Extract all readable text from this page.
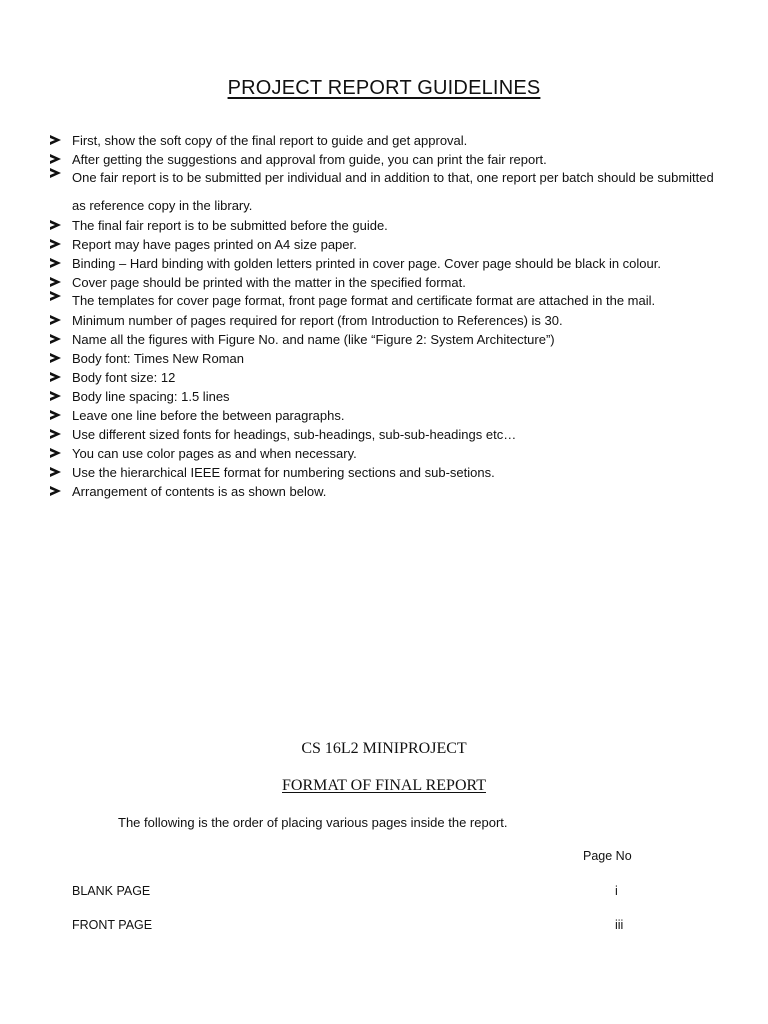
PROJECT REPORT GUIDELINES
First, show the soft copy of the final report to guide and get approval.
After getting the suggestions and approval from guide, you can print the fair report.
One fair report is to be submitted per individual and in addition to that, one report per batch should be submitted as reference copy in the library.
The final fair report is to be submitted before the guide.
Report may have pages printed on A4 size paper.
Binding – Hard binding with golden letters printed in cover page. Cover page should be black in colour.
Cover page should be printed with the matter in the specified format.
The templates for cover page format, front page format and certificate format are attached in the mail.
Minimum number of pages required for report (from Introduction to References) is 30.
Name all the figures with Figure No. and name (like “Figure 2: System Architecture”)
Body font: Times New Roman
Body font size: 12
Body line spacing: 1.5 lines
Leave one line before the between paragraphs.
Use different sized fonts for headings, sub-headings, sub-sub-headings etc…
You can use color pages as and when necessary.
Use the hierarchical IEEE format for numbering sections and sub-setions.
Arrangement of contents is as shown below.
CS 16L2 MINIPROJECT
FORMAT OF FINAL REPORT
The following is the order of placing various pages inside the report.
Page No
BLANK PAGE	i
FRONT PAGE	iii
